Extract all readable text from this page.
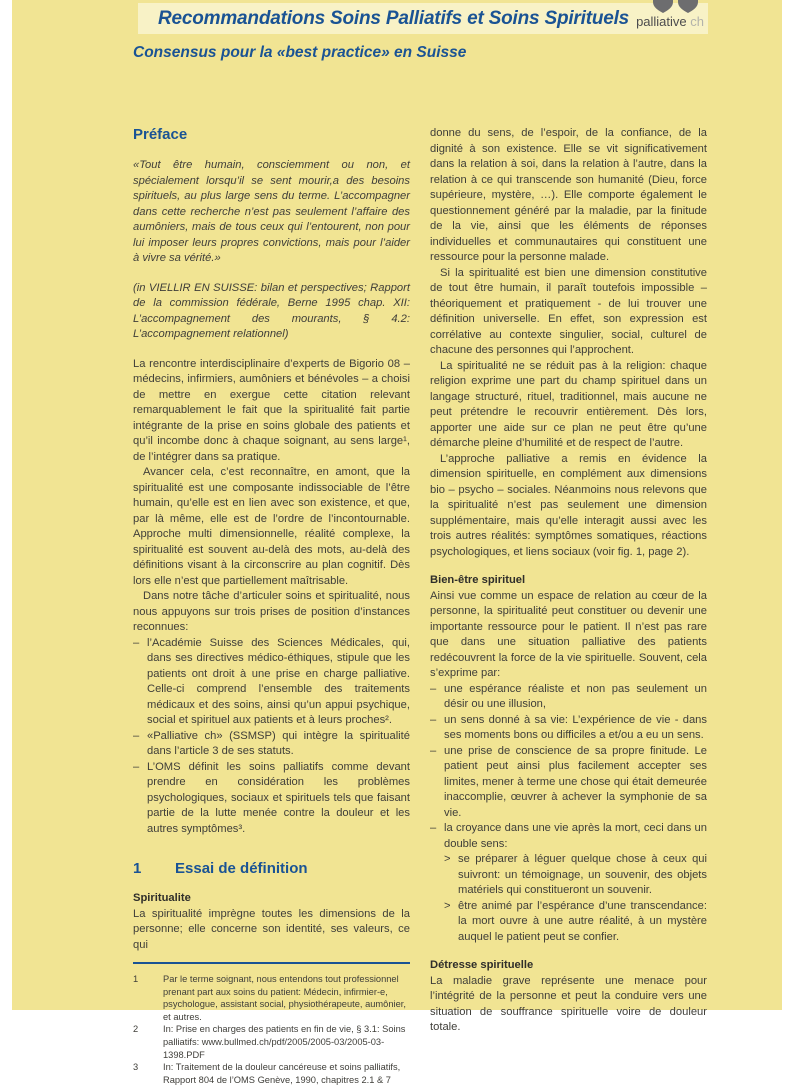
Recommandations Soins Palliatifs et Soins Spirituels palliative ch
Consensus pour la «best practice» en Suisse
Préface

«Tout être humain, consciemment ou non, et spécialement lorsqu’il se sent mourir,a des besoins spirituels, au plus large sens du terme. L’accompagner dans cette recherche n’est pas seulement l’affaire des aumôniers, mais de tous ceux qui l’entourent, non pour lui imposer leurs propres convictions, mais pour l’aider à vivre sa vérité.»

(in VIELLIR EN SUISSE: bilan et perspectives; Rapport de la commission fédérale, Berne 1995 chap. XII: L’accompagnement des mourants, § 4.2: L’accompagnement relationnel)

La rencontre interdisciplinaire d’experts de Bigorio 08 – médecins, infirmiers, aumôniers et bénévoles – a choisi de mettre en exergue cette citation relevant remarquablement le fait que la spiritualité fait partie intégrante de la prise en soins globale des patients et qu’il incombe donc à chaque soignant, au sens large¹, de l’intégrer dans sa pratique.

Avancer cela, c’est reconnaître, en amont, que la spiritualité est une composante indissociable de l’être humain, qu’elle est en lien avec son existence, et que, par là même, elle est de l’ordre de l’incontournable. Approche multi dimensionnelle, réalité complexe, la spiritualité est souvent au-delà des mots, au-delà des définitions visant à la circonscrire au plan cognitif. Dès lors elle n’est que partiellement maîtrisable.

Dans notre tâche d’articuler soins et spiritualité, nous nous appuyons sur trois prises de position d’instances reconnues:

– l’Académie Suisse des Sciences Médicales, qui, dans ses directives médico-éthiques, stipule que les patients ont droit à une prise en charge palliative. Celle-ci comprend l’ensemble des traitements médicaux et des soins, ainsi qu’un appui psychique, social et spirituel aux patients et à leurs proches².
– «Palliative ch» (SSMSP) qui intègre la spiritualité dans l’article 3 de ses statuts.
– L’OMS définit les soins palliatifs comme devant prendre en considération les problèmes psychologiques, sociaux et spirituels tels que faisant partie de la lutte menée contre la douleur et les autres symptômes³.
1	Essai de définition
Spiritualite

La spiritualité imprègne toutes les dimensions de la personne; elle concerne son identité, ses valeurs, ce qui

1	Par le terme soignant, nous entendons tout professionnel prenant part aux soins du patient: Médecin, infirmier-e, psychologue, assistant social, physiothérapeute, aumônier, et autres.
2	In: Prise en charges des patients en fin de vie, § 3.1: Soins palliatifs: www.bullmed.ch/pdf/2005/2005-03/2005-03-1398.PDF
3	In: Traitement de la douleur cancéreuse et soins palliatifs, Rapport 804 de l’OMS Genève, 1990, chapitres 2.1 & 7

donne du sens, de l’espoir, de la confiance, de la dignité à son existence. Elle se vit significativement dans la relation à soi, dans la relation à l’autre, dans la relation à ce qui transcende son humanité (Dieu, force supérieure, mystère, …). Elle comporte également le questionnement généré par la maladie, par la finitude de la vie, ainsi que les éléments de réponses individuelles et communautaires qui constituent une ressource pour la personne malade.

Si la spiritualité est bien une dimension constitutive de tout être humain, il paraît toutefois impossible – théoriquement et pratiquement - de lui trouver une définition universelle. En effet, son expression est corrélative au contexte singulier, social, culturel de chacune des personnes qui l’approchent.

La spiritualité ne se réduit pas à la religion: chaque religion exprime une part du champ spirituel dans un langage structuré, rituel, traditionnel, mais aucune ne peut prétendre le recouvrir entièrement. Dès lors, apporter une aide sur ce plan ne peut être qu’une démarche pleine d’humilité et de respect de l’autre.

L’approche palliative a remis en évidence la dimension spirituelle, en complément aux dimensions bio – psycho – sociales. Néanmoins nous relevons que la spiritualité n’est pas seulement une dimension supplémentaire, mais qu’elle interagit aussi avec les trois autres réalités: symptômes somatiques, réactions psychologiques, et liens sociaux (voir fig. 1, page 2).

Bien-être spirituel

Ainsi vue comme un espace de relation au cœur de la personne, la spiritualité peut constituer ou devenir une importante ressource pour le patient. Il n’est pas rare que dans une situation palliative des patients redécouvrent la force de la vie spirituelle. Souvent, cela s’exprime par:

– une espérance réaliste et non pas seulement un désir ou une illusion,
– un sens donné à sa vie: L’expérience de vie - dans ses moments bons ou difficiles a et/ou a eu un sens.
– une prise de conscience de sa propre finitude. Le patient peut ainsi plus facilement accepter ses limites, mener à terme une chose qui était demeurée inaccomplie, œuvrer à achever la symphonie de sa vie.
– la croyance dans une vie après la mort, ceci dans un double sens:
> se préparer à léguer quelque chose à ceux qui suivront: un témoignage, un souvenir, des objets matériels qui constitueront un souvenir.
> être animé par l’espérance d’une transcendance: la mort ouvre à une autre réalité, à un mystère auquel le patient peut se confier.
Détresse spirituelle

La maladie grave représente une menace pour l’intégrité de la personne et peut la conduire vers une situation de souffrance spirituelle voire de douleur totale.
